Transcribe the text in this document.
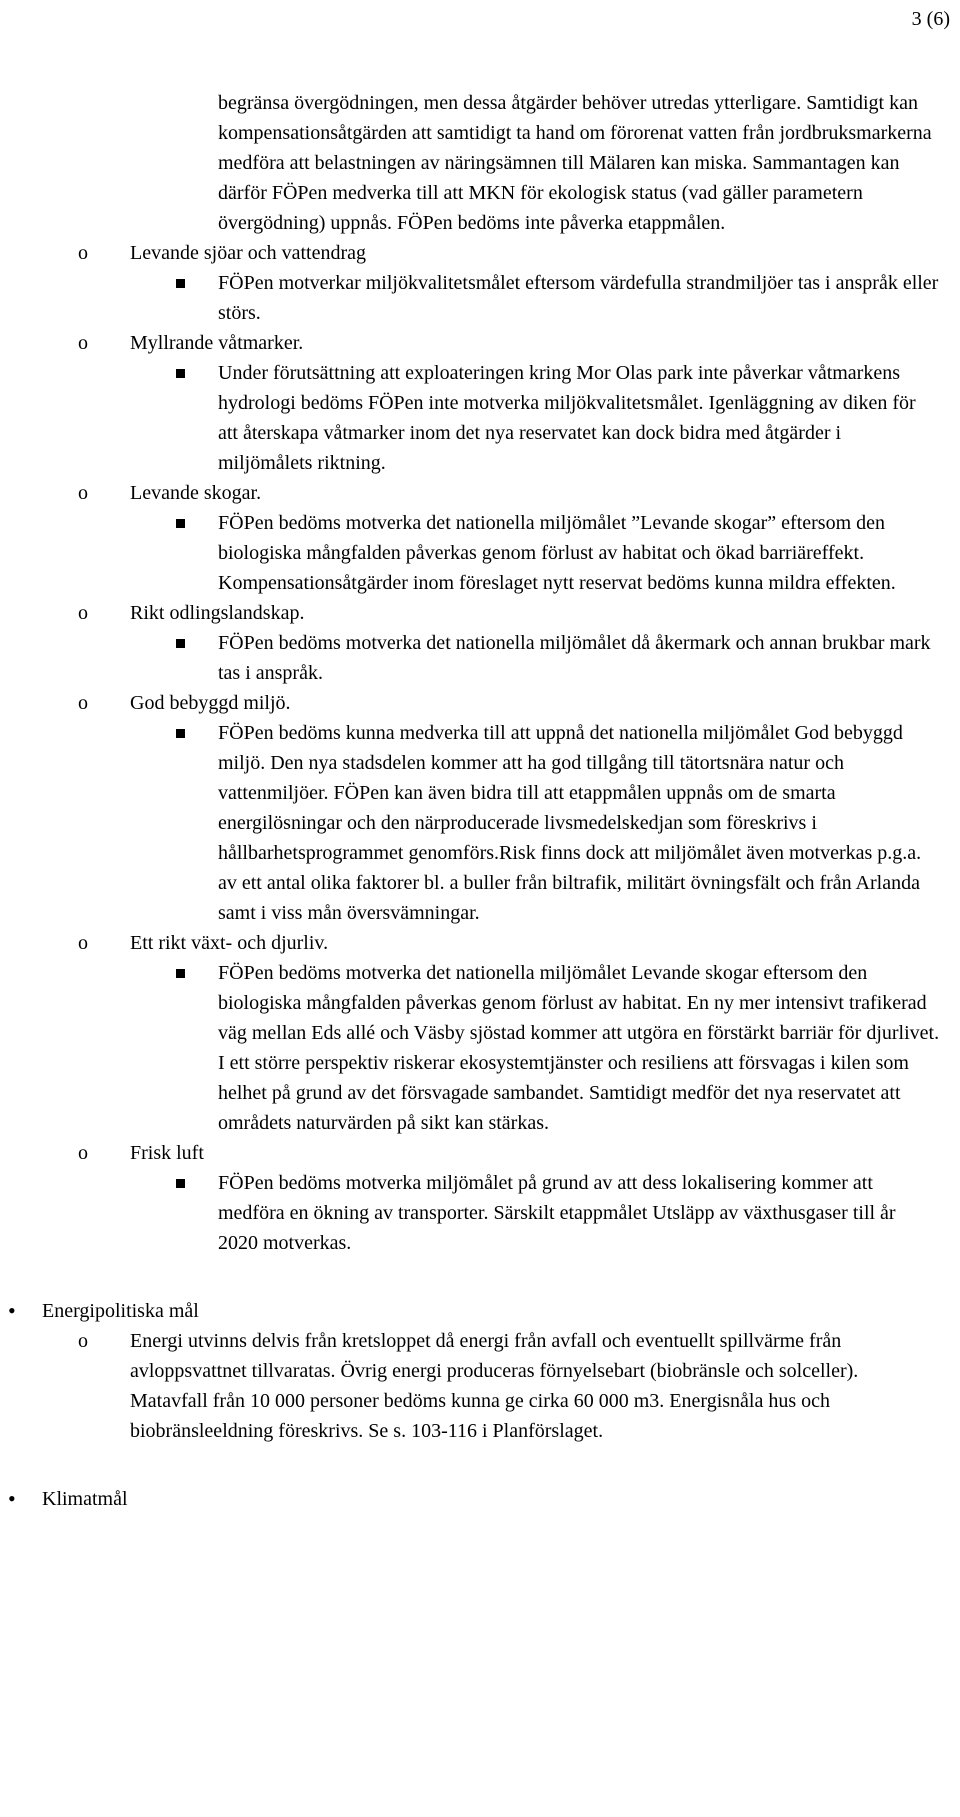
3 (6)

begränsa övergödningen, men dessa åtgärder behöver utredas ytterligare. Samtidigt kan kompensationsåtgärden att samtidigt ta hand om förorenat vatten från jordbruksmarkerna medföra att belastningen av näringsämnen till Mälaren kan miska. Sammantagen kan därför FÖPen medverka till att MKN för ekologisk status (vad gäller parametern övergödning) uppnås. FÖPen bedöms inte påverka etappmålen.

o Levande sjöar och vattendrag
FÖPen motverkar miljökvalitetsmålet eftersom värdefulla strandmiljöer tas i anspråk eller störs.
o Myllrande våtmarker.
Under förutsättning att exploateringen kring Mor Olas park inte påverkar våtmarkens hydrologi bedöms FÖPen inte motverka miljökvalitetsmålet. Igenläggning av diken för att återskapa våtmarker inom det nya reservatet kan dock bidra med åtgärder i miljömålets riktning.
o Levande skogar.
FÖPen bedöms motverka det nationella miljömålet ”Levande skogar” eftersom den biologiska mångfalden påverkas genom förlust av habitat och ökad barriäreffekt. Kompensationsåtgärder inom föreslaget nytt reservat bedöms kunna mildra effekten.
o Rikt odlingslandskap.
FÖPen bedöms motverka det nationella miljömålet då åkermark och annan brukbar mark tas i anspråk.
o God bebyggd miljö.
FÖPen bedöms kunna medverka till att uppnå det nationella miljömålet God bebyggd miljö. Den nya stadsdelen kommer att ha god tillgång till tätortsnära natur och vattenmiljöer. FÖPen kan även bidra till att etappmålen uppnås om de smarta energilösningar och den närproducerade livsmedelskedjan som föreskrivs i hållbarhetsprogrammet genomförs.Risk finns dock att miljömålet även motverkas p.g.a. av ett antal olika faktorer bl. a buller från biltrafik, militärt övningsfält och från Arlanda samt i viss mån översvämningar.
o Ett rikt växt- och djurliv.
FÖPen bedöms motverka det nationella miljömålet Levande skogar eftersom den biologiska mångfalden påverkas genom förlust av habitat. En ny mer intensivt trafikerad väg mellan Eds allé och Väsby sjöstad kommer att utgöra en förstärkt barriär för djurlivet. I ett större perspektiv riskerar ekosystemtjänster och resiliens att försvagas i kilen som helhet på grund av det försvagade sambandet. Samtidigt medför det nya reservatet att områdets naturvärden på sikt kan stärkas.
o Frisk luft
FÖPen bedöms motverka miljömålet på grund av att dess lokalisering kommer att medföra en ökning av transporter. Särskilt etappmålet Utsläpp av växthusgaser till år 2020 motverkas.
• Energipolitiska mål
o Energi utvinns delvis från kretsloppet då energi från avfall och eventuellt spillvärme från avloppsvattnet tillvaratas. Övrig energi produceras förnyelsebart (biobränsle och solceller). Matavfall från 10 000 personer bedöms kunna ge cirka 60 000 m3. Energisnåla hus och biobränsleeldning föreskrivs. Se s. 103-116 i Planförslaget.
• Klimatmål
